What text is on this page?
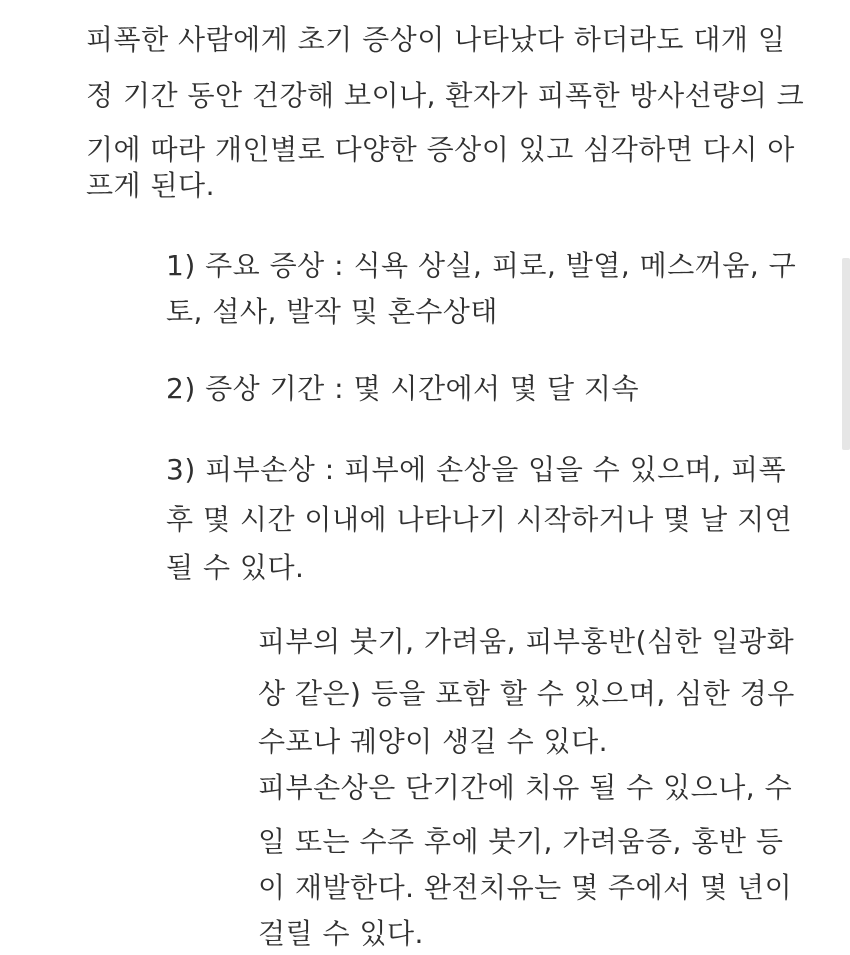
피폭한 사람에게 초기 증상이 나타났다 하더라도 대개 일
정 기간 동안 건강해 보이나, 환자가 피폭한 방사선량의 크
기에 따라 개인별로 다양한 증상이 있고 심각하면 다시 아
프게 된다.
1) 주요 증상 : 식욕 상실, 피로, 발열, 메스꺼움, 구
토, 설사, 발작 및 혼수상태
2) 증상 기간 : 몇 시간에서 몇 달 지속
3) 피부손상 : 피부에 손상을 입을 수 있으며, 피폭
후 몇 시간 이내에 나타나기 시작하거나 몇 날 지연
될 수 있다.
피부의 붓기, 가려움, 피부홍반(심한 일광화
상 같은) 등을 포함 할 수 있으며, 심한 경우
수포나 궤양이 생길 수 있다.
피부손상은 단기간에 치유 될 수 있으나, 수
일 또는 수주 후에 붓기, 가려움증, 홍반 등
이 재발한다. 완전치유는 몇 주에서 몇 년이
걸릴 수 있다.
